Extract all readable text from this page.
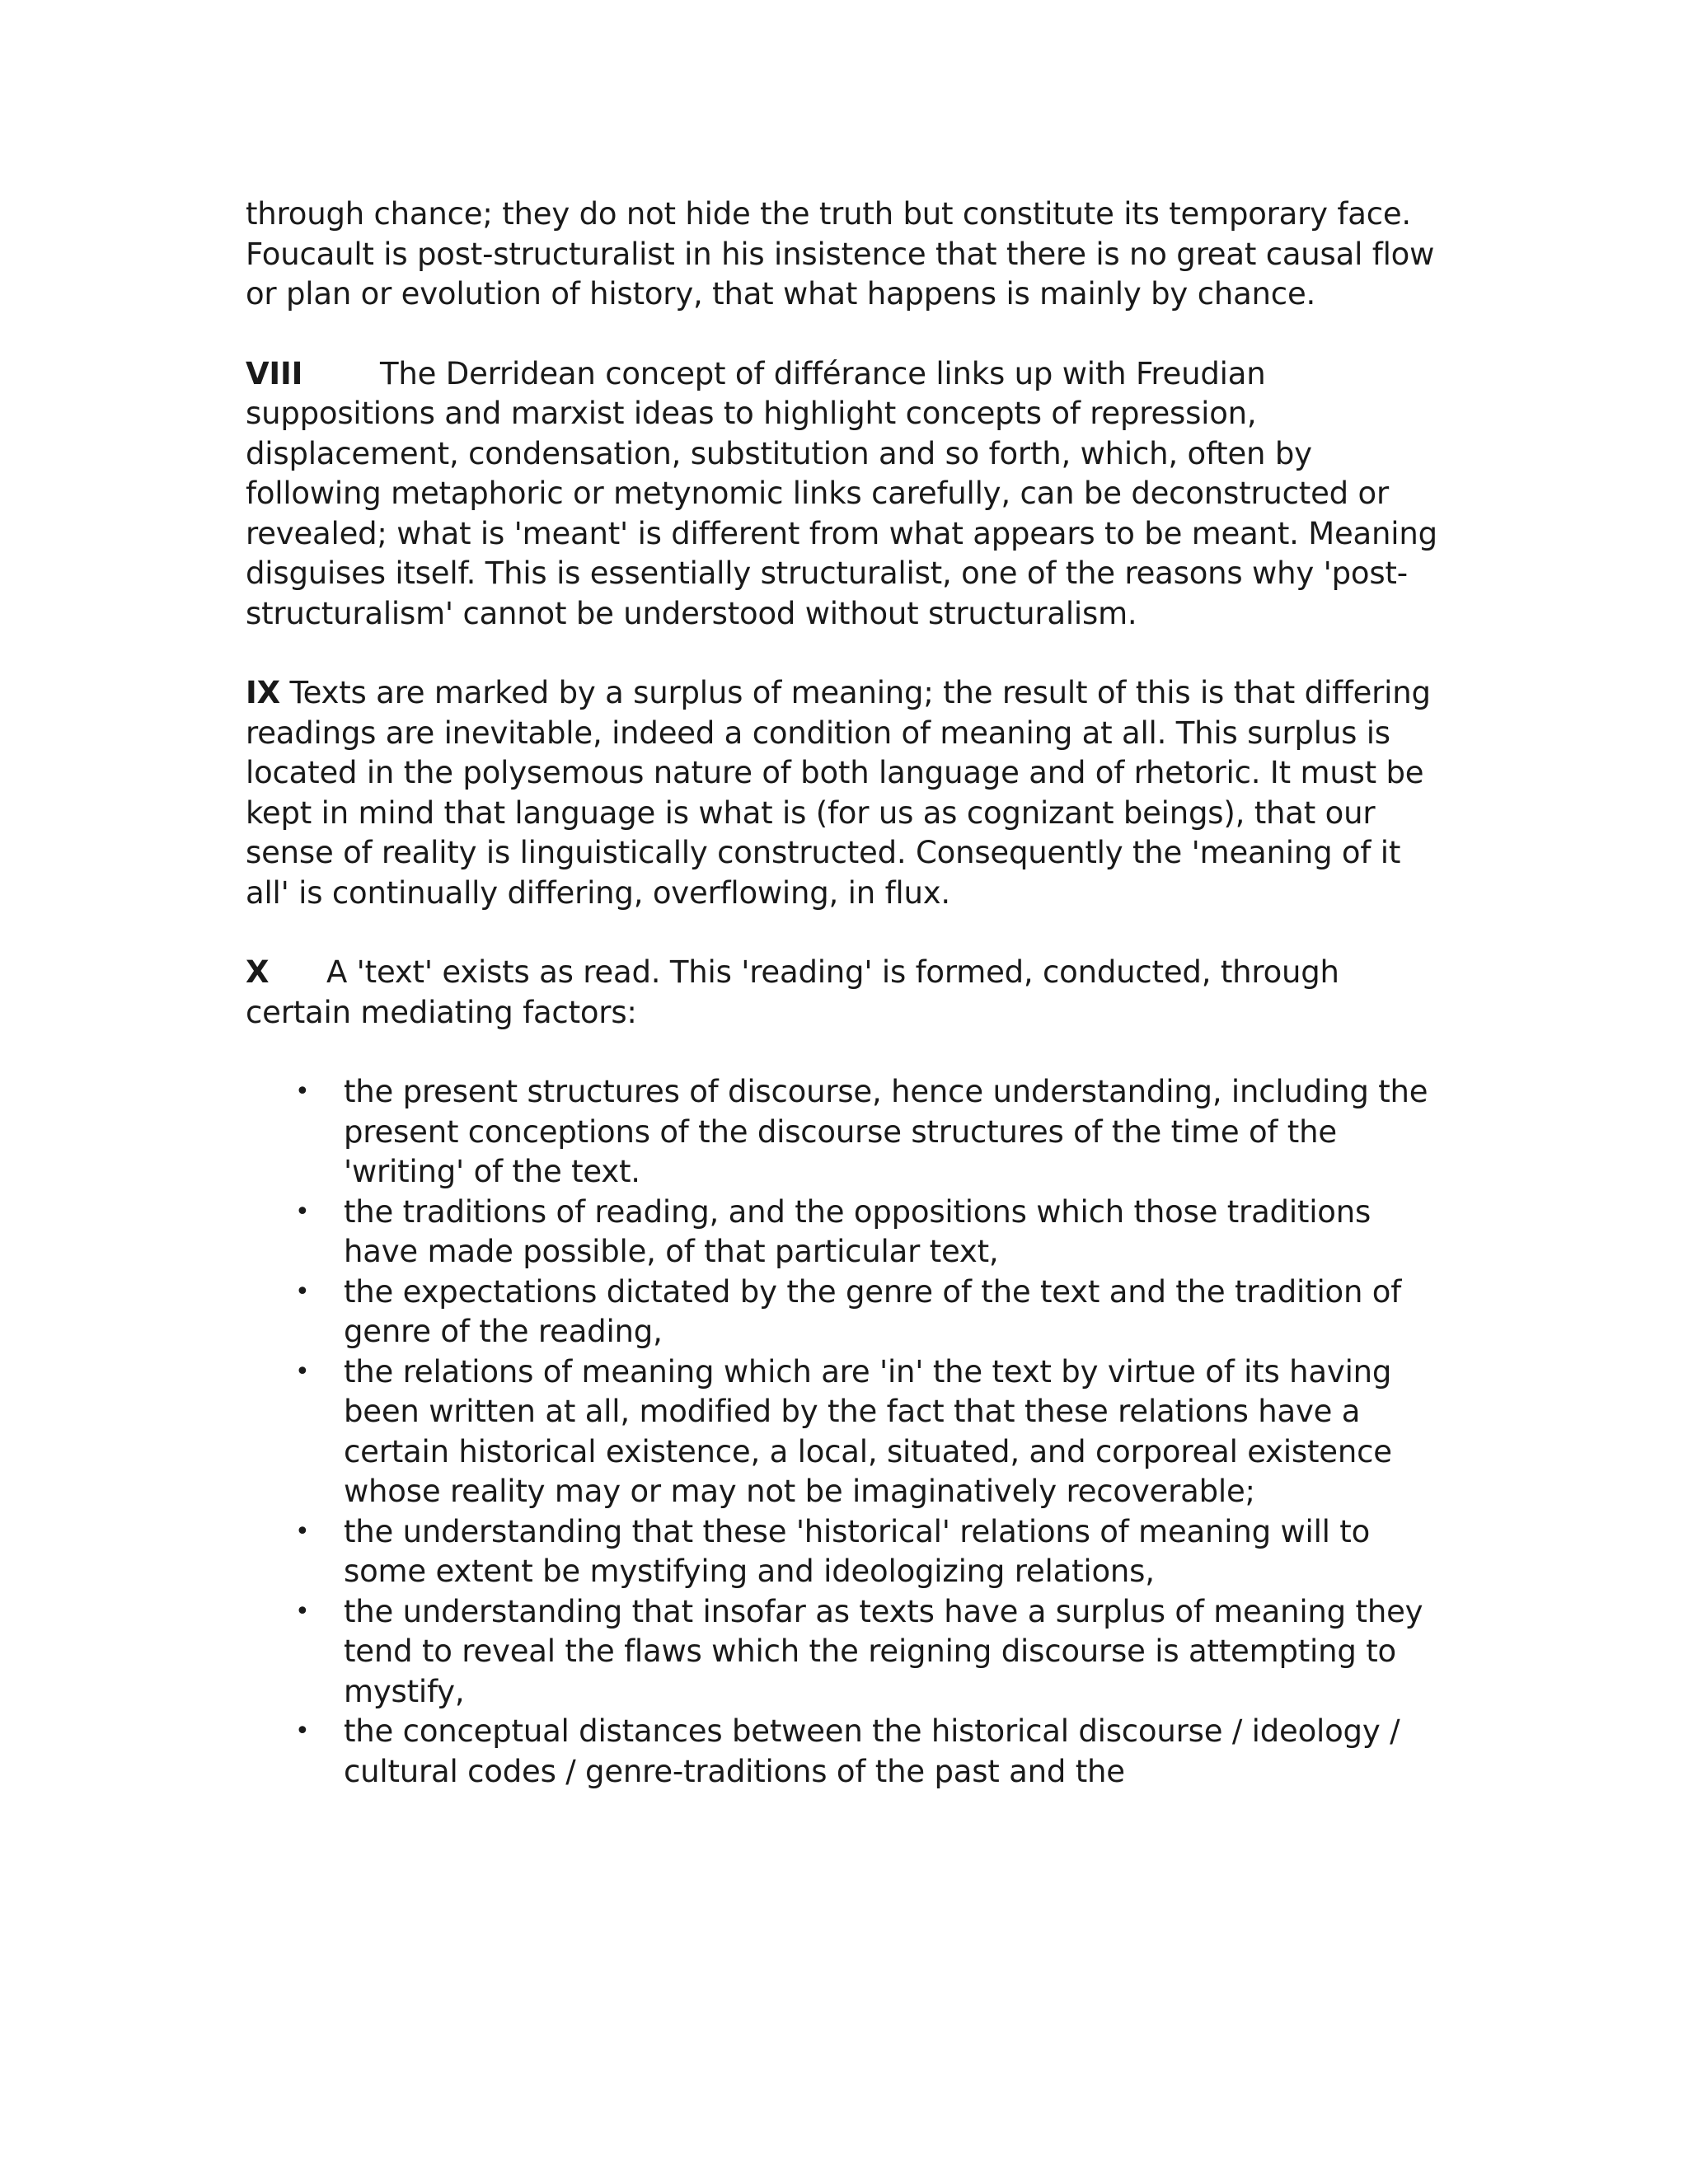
through chance; they do not hide the truth but constitute its temporary face. Foucault is post-structuralist in his insistence that there is no great causal flow or plan or evolution of history, that what happens is mainly by chance.

VIII	The Derridean concept of différance links up with Freudian suppositions and marxist ideas to highlight concepts of repression, displacement, condensation, substitution and so forth, which, often by following metaphoric or metynomic links carefully, can be deconstructed or revealed; what is 'meant' is different from what appears to be meant. Meaning disguises itself. This is essentially structuralist, one of the reasons why 'post-structuralism' cannot be understood without structuralism.

IX Texts are marked by a surplus of meaning; the result of this is that differing readings are inevitable, indeed a condition of meaning at all. This surplus is located in the polysemous nature of both language and of rhetoric. It must be kept in mind that language is what is (for us as cognizant beings), that our sense of reality is linguistically constructed. Consequently the 'meaning of it all' is continually differing, overflowing, in flux.

X A 'text' exists as read. This 'reading' is formed, conducted, through certain mediating factors:

• the present structures of discourse, hence understanding, including the present conceptions of the discourse structures of the time of the 'writing' of the text.
• the traditions of reading, and the oppositions which those traditions have made possible, of that particular text,
• the expectations dictated by the genre of the text and the tradition of genre of the reading,
• the relations of meaning which are 'in' the text by virtue of its having been written at all, modified by the fact that these relations have a certain historical existence, a local, situated, and corporeal existence whose reality may or may not be imaginatively recoverable;
• the understanding that these 'historical' relations of meaning will to some extent be mystifying and ideologizing relations,
• the understanding that insofar as texts have a surplus of meaning they tend to reveal the flaws which the reigning discourse is attempting to mystify,
• the conceptual distances between the historical discourse / ideology / cultural codes / genre-traditions of the past and the
